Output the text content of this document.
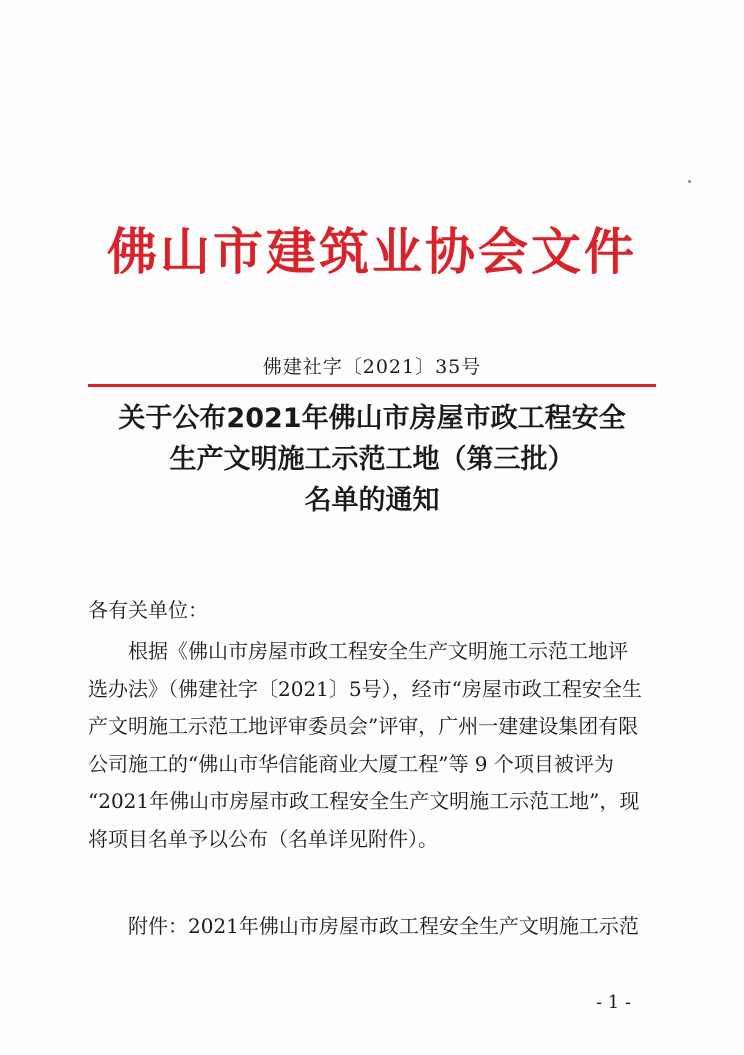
佛山市建筑业协会文件
佛建社字〔2021〕35号
关于公布2021年佛山市房屋市政工程安全
生产文明施工示范工地（第三批）
名单的通知
各有关单位：
根据《佛山市房屋市政工程安全生产文明施工示范工地评
选办法》（佛建社字〔2021〕5号），经市“房屋市政工程安全生
产文明施工示范工地评审委员会”评审，广州一建建设集团有限
公司施工的“佛山市华信能商业大厦工程”等 9 个项目被评为
“2021年佛山市房屋市政工程安全生产文明施工示范工地”，现
将项目名单予以公布（名单详见附件）。
附件：2021年佛山市房屋市政工程安全生产文明施工示范
- 1 -
